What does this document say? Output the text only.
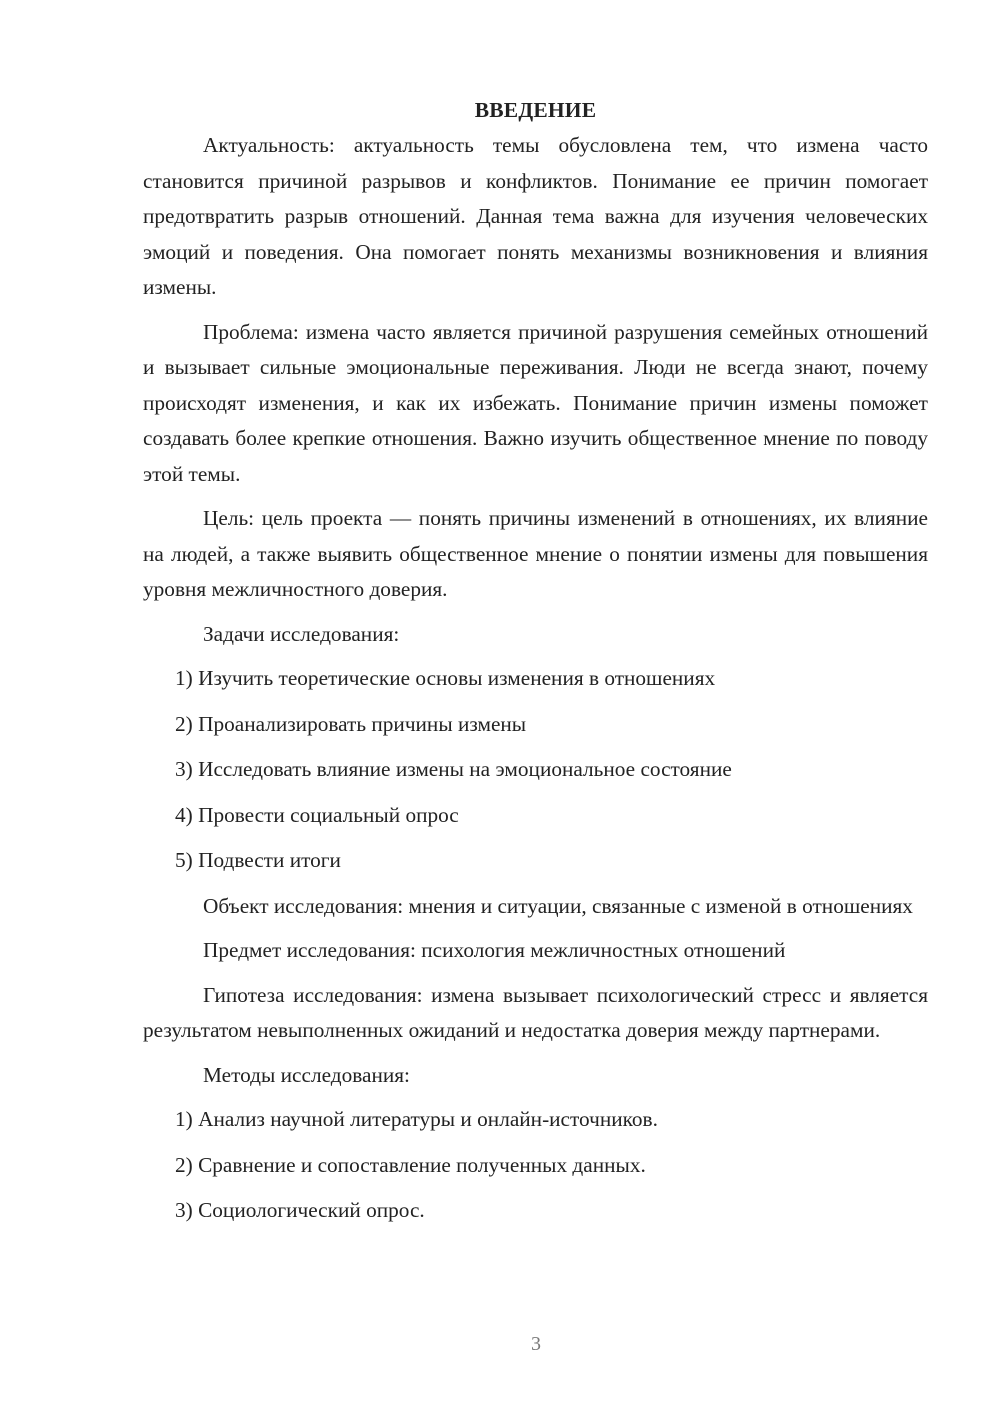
ВВЕДЕНИЕ

Актуальность: актуальность темы обусловлена тем, что измена часто становится причиной разрывов и конфликтов. Понимание ее причин помогает предотвратить разрыв отношений. Данная тема важна для изучения человеческих эмоций и поведения. Она помогает понять механизмы возникновения и влияния измены.

Проблема: измена часто является причиной разрушения семейных отношений и вызывает сильные эмоциональные переживания. Люди не всегда знают, почему происходят изменения, и как их избежать. Понимание причин измены поможет создавать более крепкие отношения. Важно изучить общественное мнение по поводу этой темы.

Цель: цель проекта — понять причины изменений в отношениях, их влияние на людей, а также выявить общественное мнение о понятии измены для повышения уровня межличностного доверия.

Задачи исследования:

1) Изучить теоретические основы изменения в отношениях

2) Проанализировать причины измены

3) Исследовать влияние измены на эмоциональное состояние

4) Провести социальный опрос

5) Подвести итоги

Объект исследования: мнения и ситуации, связанные с изменой в отношениях

Предмет исследования: психология межличностных отношений

Гипотеза исследования: измена вызывает психологический стресс и является результатом невыполненных ожиданий и недостатка доверия между партнерами.

Методы исследования:

1) Анализ научной литературы и онлайн-источников.

2) Сравнение и сопоставление полученных данных.

3) Социологический опрос.

3
